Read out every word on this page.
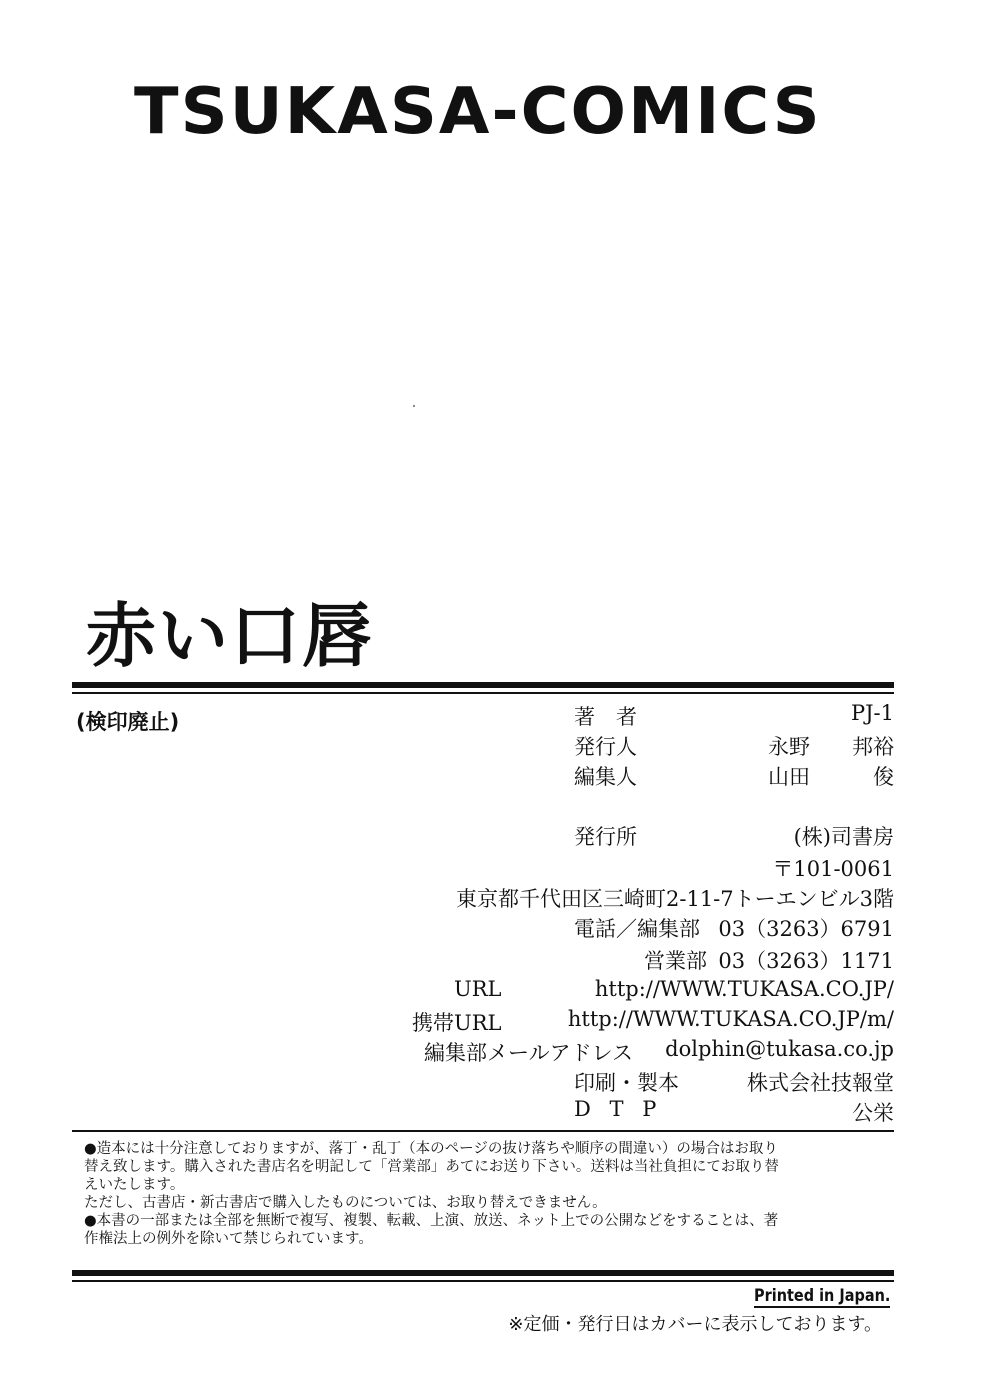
TSUKASA-COMICS
赤い口唇
(検印廃止)	著　者	PJ-1
発行人	永野　　邦裕
編集人	山田　　　俊
発行所	(株)司書房
〒101-0061
東京都千代田区三崎町2-11-7トーエンビル3階
電話／編集部 03（3263）6791
営業部 03（3263）1171
URL	http://WWW.TUKASA.CO.JP/
携帯URL	http://WWW.TUKASA.CO.JP/m/
編集部メールアドレス dolphin@tukasa.co.jp
印刷・製本	株式会社技報堂
D T P	公栄
●造本には十分注意しておりますが、落丁・乱丁（本のページの抜け落ちや順序の間違い）の場合はお取り
替え致します。購入された書店名を明記して「営業部」あてにお送り下さい。送料は当社負担にてお取り替
えいたします。
ただし、古書店・新古書店で購入したものについては、お取り替えできません。
●本書の一部または全部を無断で複写、複製、転載、上演、放送、ネット上での公開などをすることは、著
作権法上の例外を除いて禁じられています。
Printed in Japan.
※定価・発行日はカバーに表示しております。
